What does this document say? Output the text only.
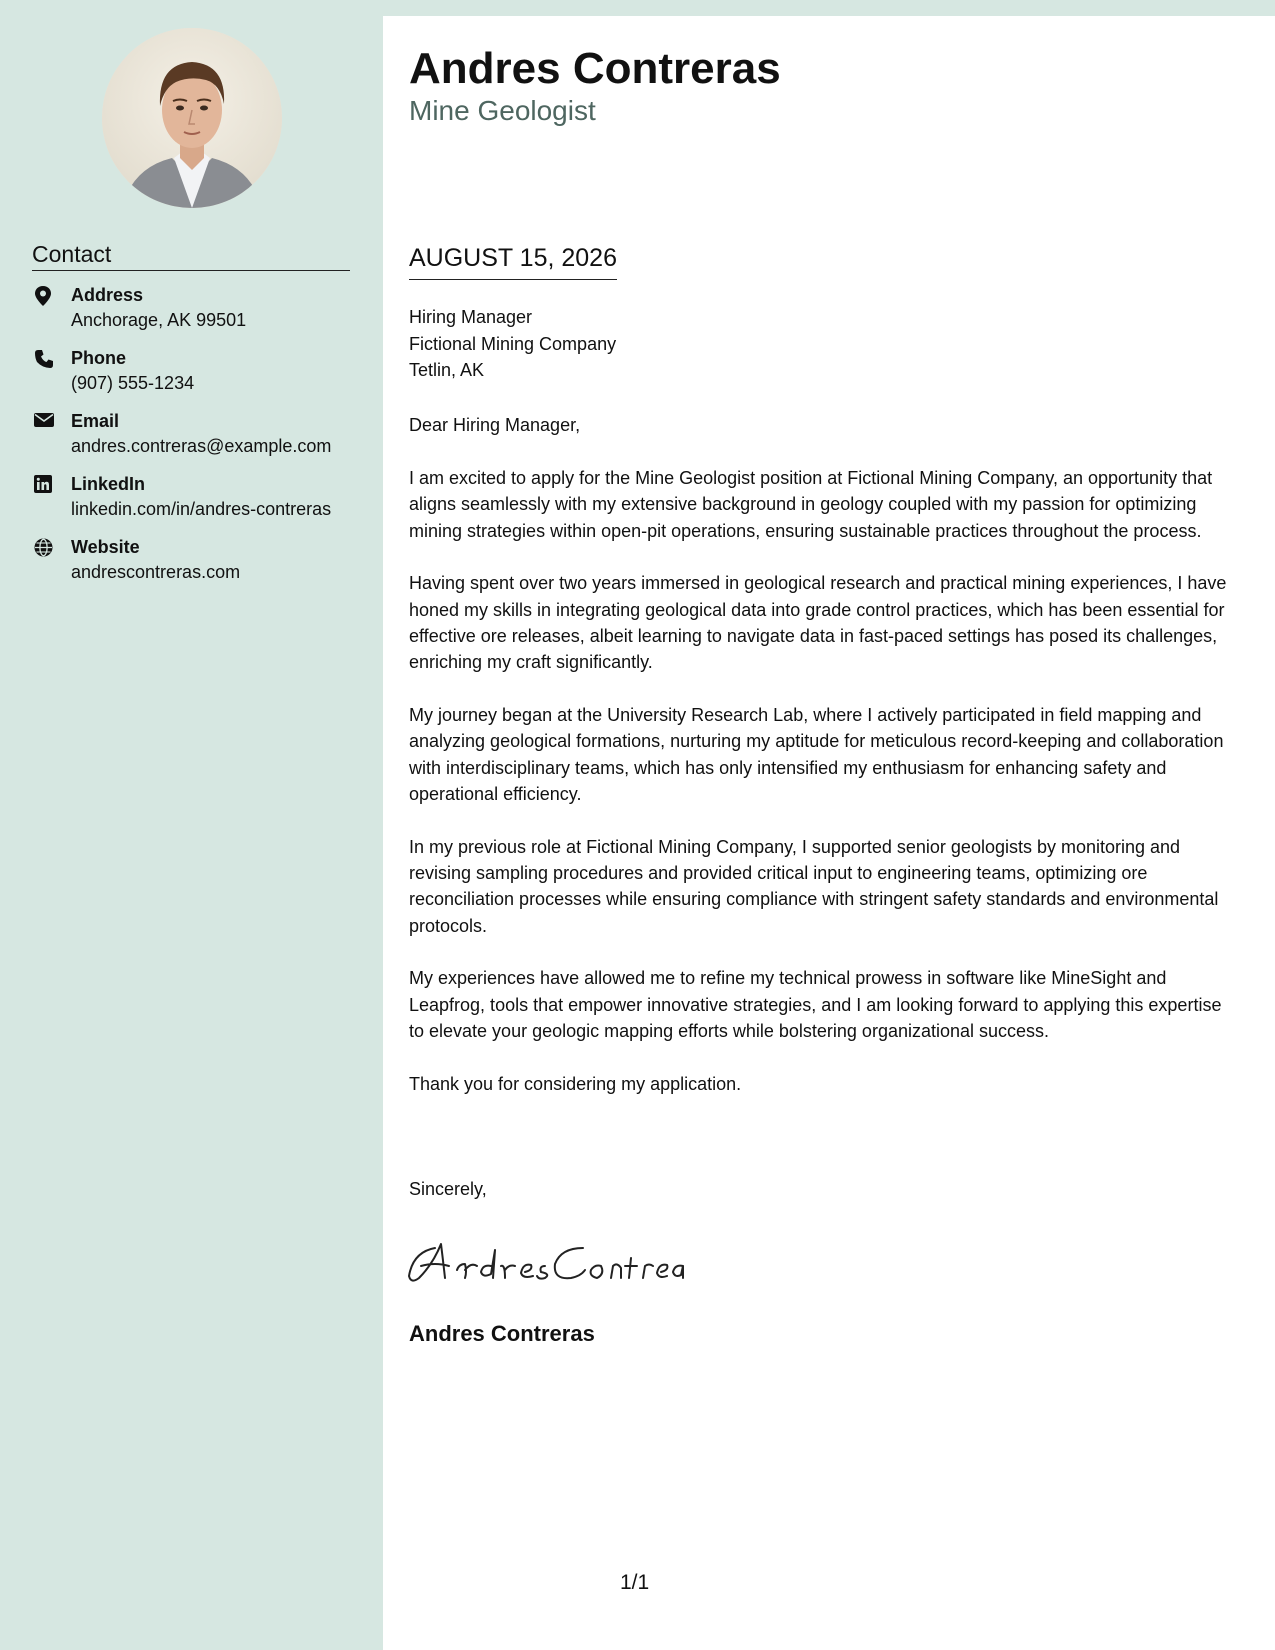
Contact
Address
Anchorage, AK 99501
Phone
(907) 555-1234
Email
andres.contreras@example.com
LinkedIn
linkedin.com/in/andres-contreras
Website
andrescontreras.com
Andres Contreras
Mine Geologist
AUGUST 15, 2026
Hiring Manager
Fictional Mining Company
Tetlin, AK
Dear Hiring Manager,

I am excited to apply for the Mine Geologist position at Fictional Mining Company, an opportunity that aligns seamlessly with my extensive background in geology coupled with my passion for optimizing mining strategies within open-pit operations, ensuring sustainable practices throughout the process.

Having spent over two years immersed in geological research and practical mining experiences, I have honed my skills in integrating geological data into grade control practices, which has been essential for effective ore releases, albeit learning to navigate data in fast-paced settings has posed its challenges, enriching my craft significantly.

My journey began at the University Research Lab, where I actively participated in field mapping and analyzing geological formations, nurturing my aptitude for meticulous record-keeping and collaboration with interdisciplinary teams, which has only intensified my enthusiasm for enhancing safety and operational efficiency.

In my previous role at Fictional Mining Company, I supported senior geologists by monitoring and revising sampling procedures and provided critical input to engineering teams, optimizing ore reconciliation processes while ensuring compliance with stringent safety standards and environmental protocols.

My experiences have allowed me to refine my technical prowess in software like MineSight and Leapfrog, tools that empower innovative strategies, and I am looking forward to applying this expertise to elevate your geologic mapping efforts while bolstering organizational success.

Thank you for considering my application.

Sincerely,
Andres Contreras
1/1
